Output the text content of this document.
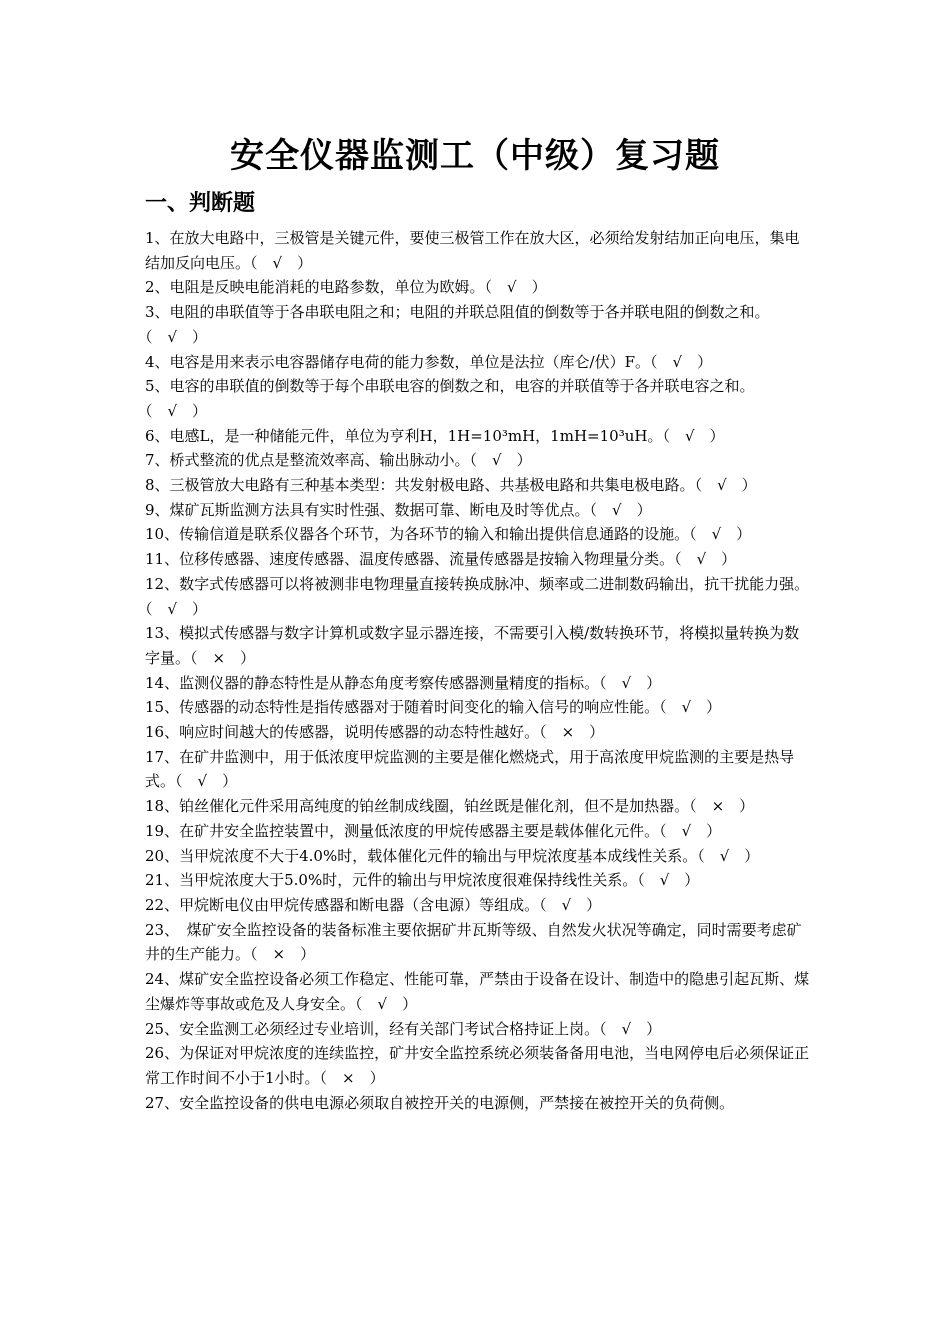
安全仪器监测工（中级）复习题
一、判断题

1、在放大电路中，三极管是关键元件，要使三极管工作在放大区，必须给发射结加正向电压，集电结加反向电压。（　√　）

2、电阻是反映电能消耗的电路参数，单位为欧姆。（　√　）

3、电阻的串联值等于各串联电阻之和；电阻的并联总阻值的倒数等于各并联电阻的倒数之和。（　√　）

4、电容是用来表示电容器储存电荷的能力参数，单位是法拉（库仑/伏）F。（　√　）

5、电容的串联值的倒数等于每个串联电容的倒数之和，电容的并联值等于各并联电容之和。（　√　）

6、电感L，是一种储能元件，单位为亨利H，1H=10³mH，1mH=10³uH。（　√　）

7、桥式整流的优点是整流效率高、输出脉动小。（　√　）

8、三极管放大电路有三种基本类型：共发射极电路、共基极电路和共集电极电路。（　√　）

9、煤矿瓦斯监测方法具有实时性强、数据可靠、断电及时等优点。（　√　）

10、传输信道是联系仪器各个环节，为各环节的输入和输出提供信息通路的设施。（　√　）

11、位移传感器、速度传感器、温度传感器、流量传感器是按输入物理量分类。（　√　）

12、数字式传感器可以将被测非电物理量直接转换成脉冲、频率或二进制数码输出，抗干扰能力强。（　√　）

13、模拟式传感器与数字计算机或数字显示器连接，不需要引入模/数转换环节，将模拟量转换为数字量。（　×　）

14、监测仪器的静态特性是从静态角度考察传感器测量精度的指标。（　√　）

15、传感器的动态特性是指传感器对于随着时间变化的输入信号的响应性能。（　√　）

16、响应时间越大的传感器，说明传感器的动态特性越好。（　×　）

17、在矿井监测中，用于低浓度甲烷监测的主要是催化燃烧式，用于高浓度甲烷监测的主要是热导式。（　√　）

18、铂丝催化元件采用高纯度的铂丝制成线圈，铂丝既是催化剂，但不是加热器。（　×　）

19、在矿井安全监控装置中，测量低浓度的甲烷传感器主要是载体催化元件。（　√　）

20、当甲烷浓度不大于4.0%时，载体催化元件的输出与甲烷浓度基本成线性关系。（　√　）

21、当甲烷浓度大于5.0%时，元件的输出与甲烷浓度很难保持线性关系。（　√　）

22、甲烷断电仪由甲烷传感器和断电器（含电源）等组成。（　√　）

23、　煤矿安全监控设备的装备标准主要依据矿井瓦斯等级、自然发火状况等确定，同时需要考虑矿井的生产能力。（　×　）

24、煤矿安全监控设备必须工作稳定、性能可靠，严禁由于设备在设计、制造中的隐患引起瓦斯、煤尘爆炸等事故或危及人身安全。（　√　）

25、安全监测工必须经过专业培训，经有关部门考试合格持证上岗。（　√　）

26、为保证对甲烷浓度的连续监控，矿井安全监控系统必须装备备用电池，当电网停电后必须保证正常工作时间不小于1小时。（　×　）

27、安全监控设备的供电电源必须取自被控开关的电源侧，严禁接在被控开关的负荷侧。
